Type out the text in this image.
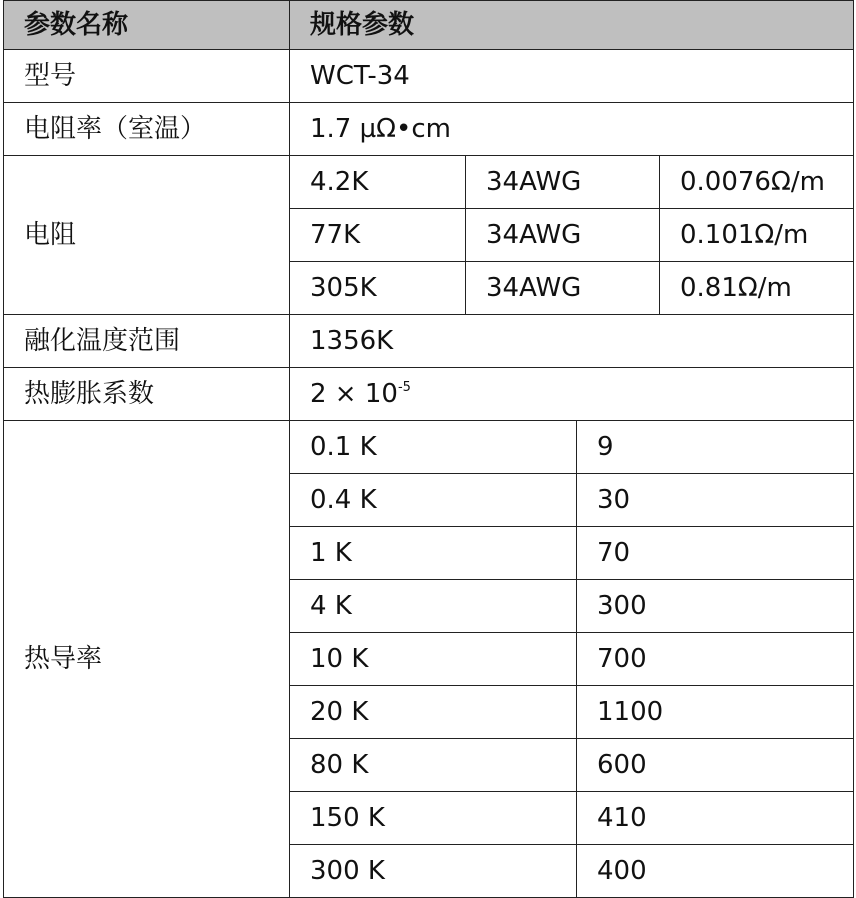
参数名称	规格参数			
型号	WCT-34			
电阻率（室温）	1.7 µΩ•cm			
电阻	4.2K	34AWG		0.0076Ω/m
	77K	34AWG		0.101Ω/m
	305K	34AWG		0.81Ω/m
融化温度范围	1356K			
热膨胀系数	$2 \times 10^{-5}$
热导率	0.1 K		9	
	0.4 K		30	
	1 K		70	
	4 K		300	
	10 K		700	
	20 K		1100	
	80 K		600	
	150 K		410	
	300 K		400	
